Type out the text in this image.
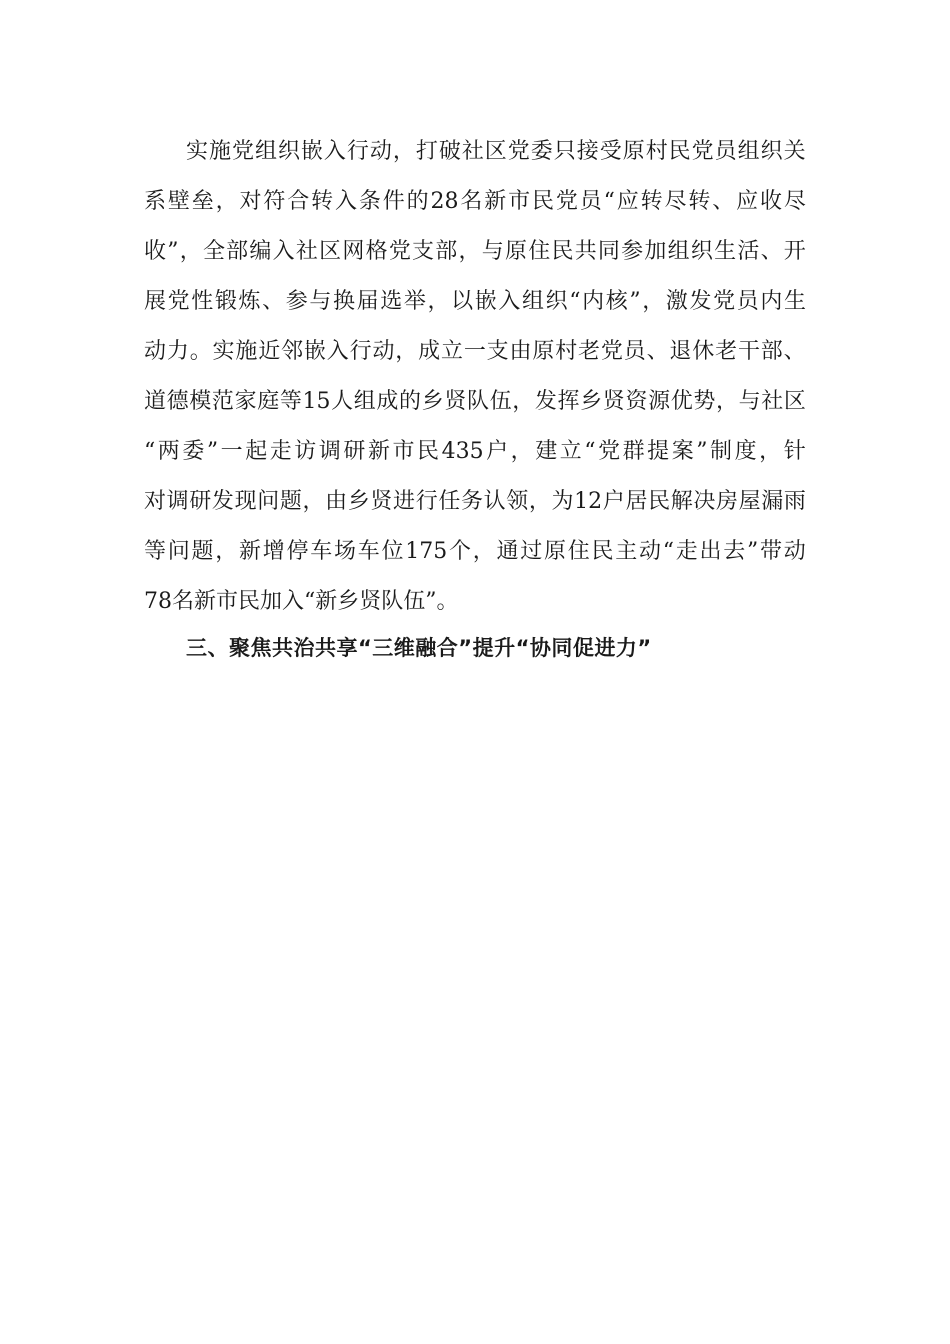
实 施 党 组 织 嵌 入 行 动 ， 打 破 社 区 党 委 只 接 受 原 村 民 党 员 组 织 关
系 壁 垒 ， 对 符 合 转 入 条 件 的 28 名 新 市 民 党 员 “ 应 转 尽 转 、 应 收 尽
收 ” ， 全 部 编 入 社 区 网 格 党 支 部 ， 与 原 住 民 共 同 参 加 组 织 生 活 、 开
展 党 性 锻 炼 、 参 与 换 届 选 举 ， 以 嵌 入 组 织 “ 内 核 ” ， 激 发 党 员 内 生
动 力 。 实 施 近 邻 嵌 入 行 动 ， 成 立 一 支 由 原 村 老 党 员 、 退 休 老 干 部 、
道 德 模 范 家 庭 等 15 人 组 成 的 乡 贤 队 伍 ， 发 挥 乡 贤 资 源 优 势 ， 与 社 区
“ 两 委 ” 一 起 走 访 调 研 新 市 民 435 户 ， 建 立 “ 党 群 提 案 ” 制 度 ， 针
对 调 研 发 现 问 题 ， 由 乡 贤 进 行 任 务 认 领 ， 为 12 户 居 民 解 决 房 屋 漏 雨
等 问 题 ， 新 增 停 车 场 车 位 175 个 ， 通 过 原 住 民 主 动 “ 走 出 去 ” 带 动
78名新市民加入“新乡贤队伍”。
三、聚焦共治共享“三维融合”提升“协同促进力”
